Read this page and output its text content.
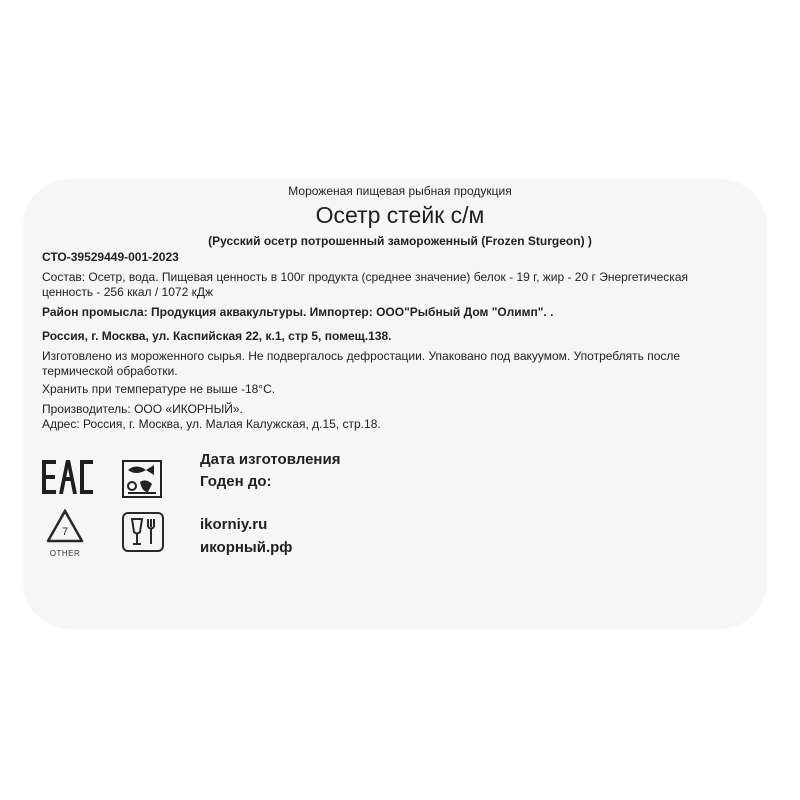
Мороженая пищевая рыбная продукция
Осетр стейк с/м
(Русский осетр потрошенный замороженный (Frozen Sturgeon) )
СТО-39529449-001-2023
Состав: Осетр, вода. Пищевая ценность в 100г продукта (среднее значение) белок - 19 г, жир - 20 г Энергетическая
ценность - 256 ккал / 1072 кДж
Район промысла: Продукция аквакультуры. Импортер: ООО"Рыбный Дом "Олимп". .
Россия, г. Москва, ул. Каспийская 22, к.1, стр 5, помещ.138.
Изготовлено из мороженного сырья. Не подвергалось дефростации. Упаковано под вакуумом. Употреблять после
термической обработки.
Хранить при температуре не выше -18°С.
Производитель: ООО «ИКОРНЫЙ».
Адрес: Россия, г. Москва, ул. Малая Калужская, д.15, стр.18.
7
OTHER
Дата изготовления
Годен до:
ikorniy.ru
икорный.рф
